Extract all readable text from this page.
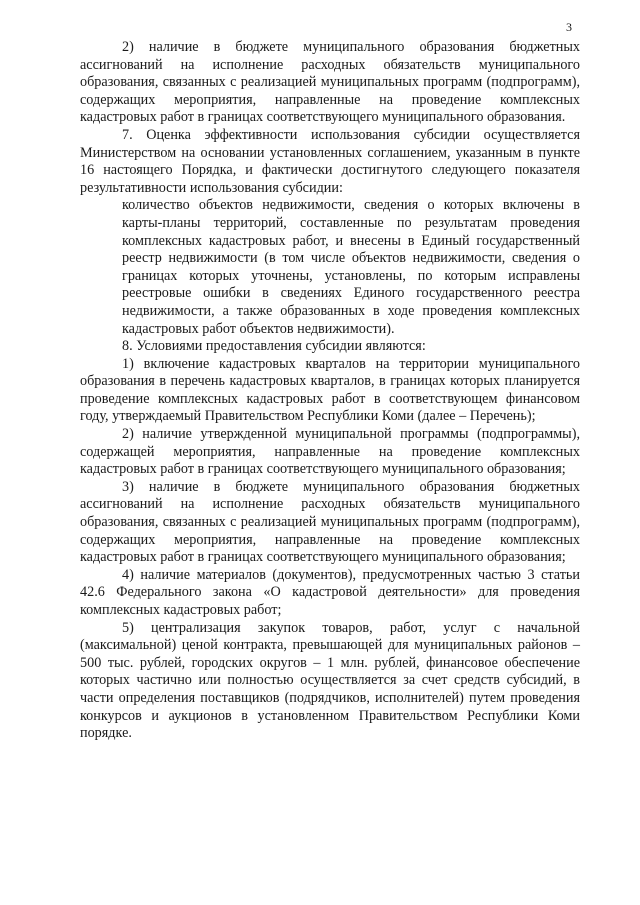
3

2) наличие в бюджете муниципального образования бюджетных ассигнований на исполнение расходных обязательств муниципального образования, связанных с реализацией муниципальных программ (подпрограмм), содержащих мероприятия, направленные на проведение комплексных кадастровых работ в границах соответствующего муниципального образования.

7. Оценка эффективности использования субсидии осуществляется Министерством на основании установленных соглашением, указанным в пункте 16 настоящего Порядка, и фактически достигнутого следующего показателя результативности использования субсидии:

количество объектов недвижимости, сведения о которых включены в карты-планы территорий, составленные по результатам проведения комплексных кадастровых работ, и внесены в Единый государственный реестр недвижимости (в том числе объектов недвижимости, сведения о границах которых уточнены, установлены, по которым исправлены реестровые ошибки в сведениях Единого государственного реестра недвижимости, а также образованных в ходе проведения комплексных кадастровых работ объектов недвижимости).

8. Условиями предоставления субсидии являются:

1) включение кадастровых кварталов на территории муниципального образования в перечень кадастровых кварталов, в границах которых планируется проведение комплексных кадастровых работ в соответствующем финансовом году, утверждаемый Правительством Республики Коми (далее – Перечень);

2) наличие утвержденной муниципальной программы (подпрограммы), содержащей мероприятия, направленные на проведение комплексных кадастровых работ в границах соответствующего муниципального образования;

3) наличие в бюджете муниципального образования бюджетных ассигнований на исполнение расходных обязательств муниципального образования, связанных с реализацией муниципальных программ (подпрограмм), содержащих мероприятия, направленные на проведение комплексных кадастровых работ в границах соответствующего муниципального образования;

4) наличие материалов (документов), предусмотренных частью 3 статьи 42.6 Федерального закона «О кадастровой деятельности» для проведения комплексных кадастровых работ;

5) централизация закупок товаров, работ, услуг с начальной (максимальной) ценой контракта, превышающей для муниципальных районов – 500 тыс. рублей, городских округов – 1 млн. рублей, финансовое обеспечение которых частично или полностью осуществляется за счет средств субсидий, в части определения поставщиков (подрядчиков, исполнителей) путем проведения конкурсов и аукционов в установленном Правительством Республики Коми порядке.
